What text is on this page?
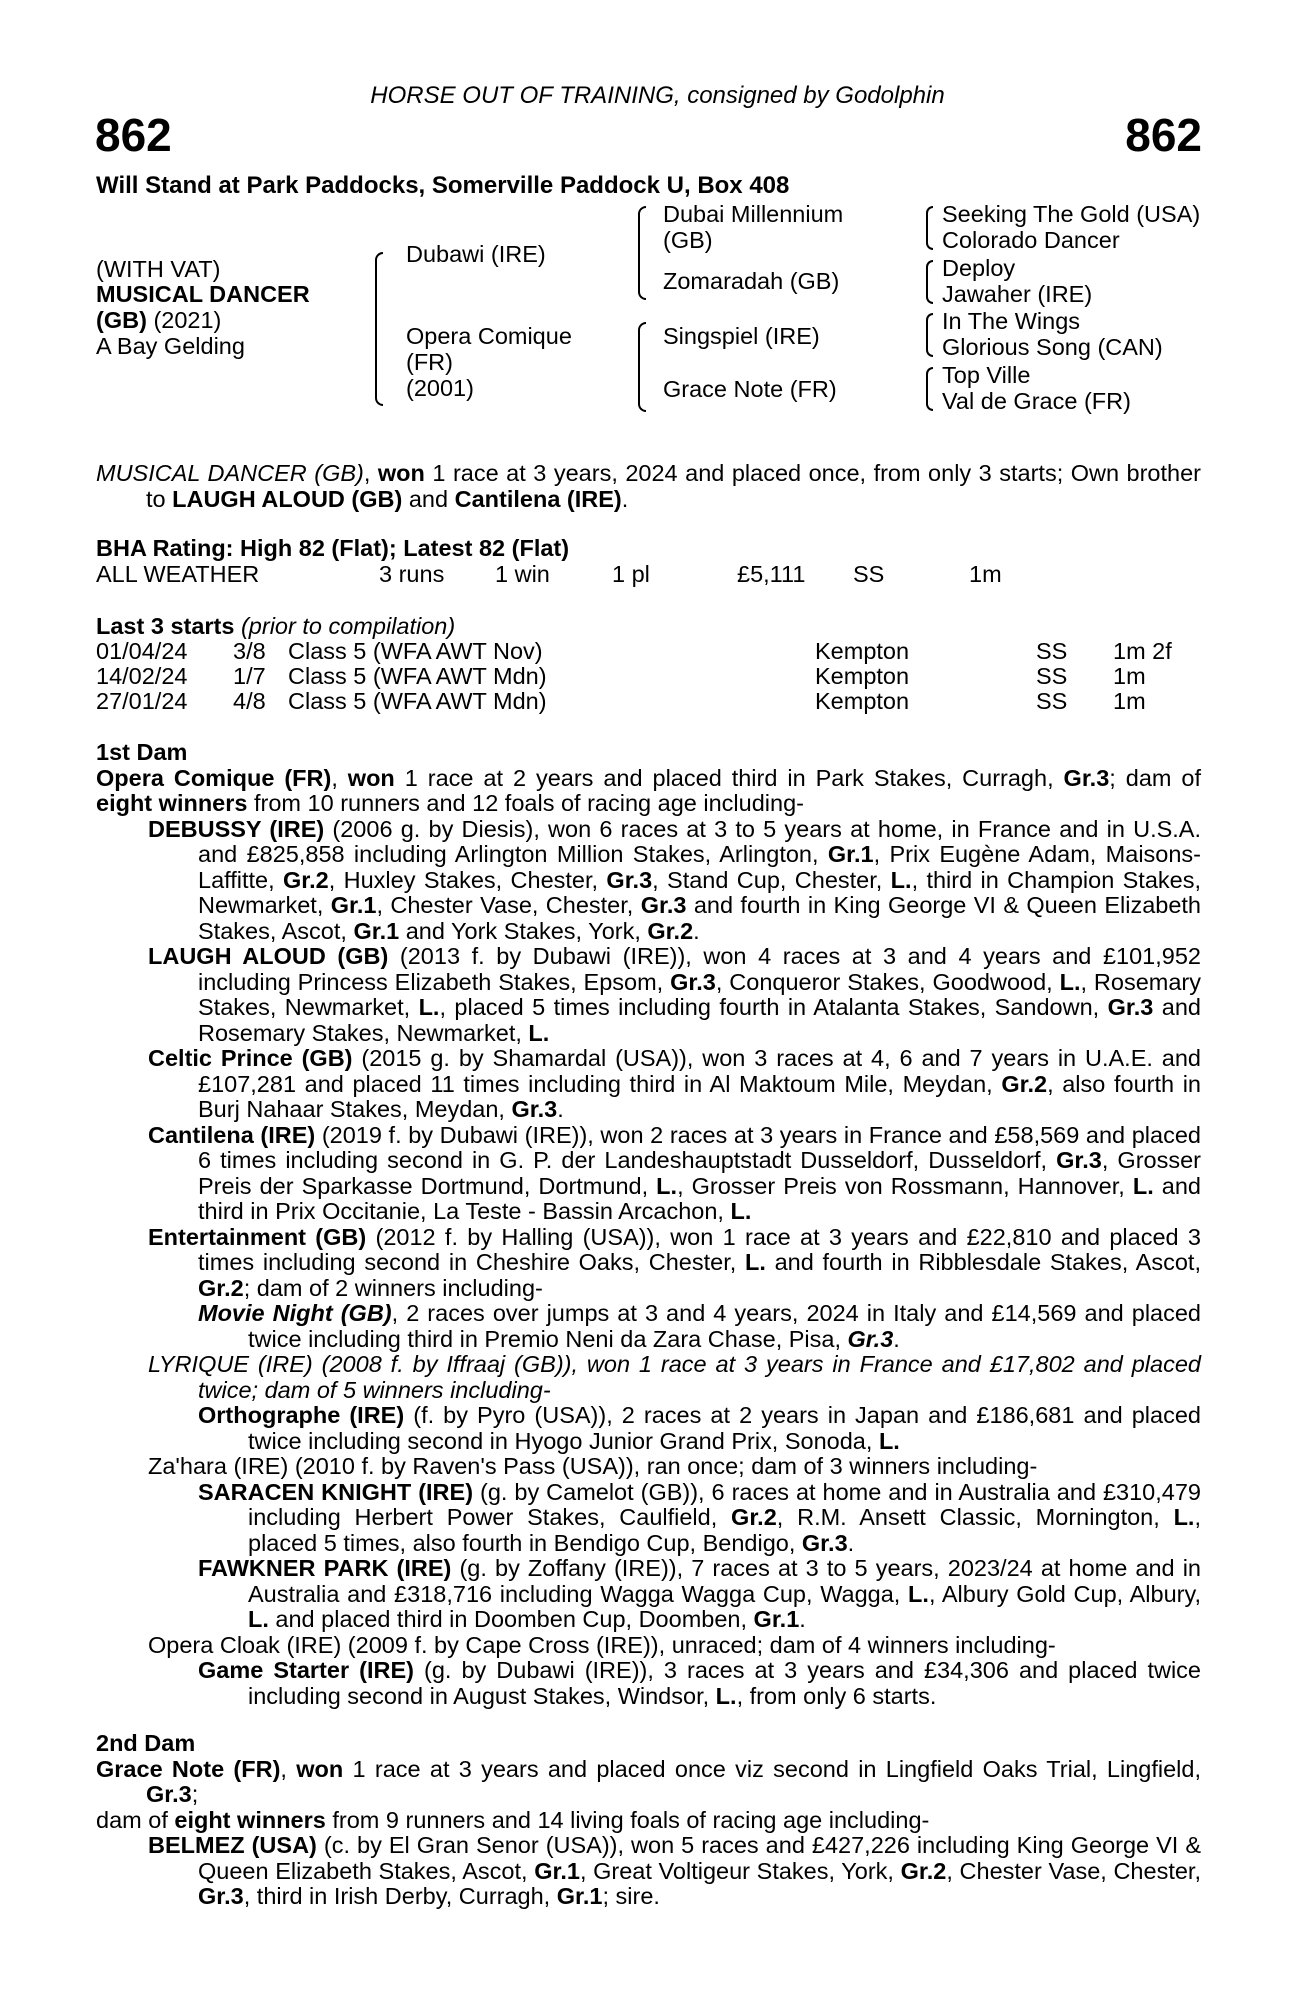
HORSE OUT OF TRAINING, consigned by Godolphin
862	862
Will Stand at Park Paddocks, Somerville Paddock U, Box 408
(WITH VAT)
MUSICAL DANCER
(GB) (2021)
A Bay Gelding
Dubawi (IRE)
Opera Comique
(FR)
(2001)
Dubai Millennium
(GB)
Zomaradah (GB)
Singspiel (IRE)
Grace Note (FR)
Seeking The Gold (USA)
Colorado Dancer
Deploy
Jawaher (IRE)
In The Wings
Glorious Song (CAN)
Top Ville
Val de Grace (FR)
MUSICAL DANCER (GB), won 1 race at 3 years, 2024 and placed once, from only 3 starts; Own brother to LAUGH ALOUD (GB) and Cantilena (IRE).
BHA Rating: High 82 (Flat); Latest 82 (Flat)
ALL WEATHER	3 runs 1 win	1 pl	£5,111 SS	1m
Last 3 starts (prior to compilation)
01/04/24 3/8 Class 5 (WFA AWT Nov)	Kempton	SS 1m 2f
14/02/24 1/7 Class 5 (WFA AWT Mdn)	Kempton	SS 1m
27/01/24 4/8 Class 5 (WFA AWT Mdn)	Kempton	SS 1m
1st Dam
Opera Comique (FR), won 1 race at 2 years and placed third in Park Stakes, Curragh, Gr.3; dam of eight winners from 10 runners and 12 foals of racing age including-
DEBUSSY (IRE) (2006 g. by Diesis), won 6 races at 3 to 5 years at home, in France and in U.S.A. and £825,858 including Arlington Million Stakes, Arlington, Gr.1, Prix Eugène Adam, Maisons-Laffitte, Gr.2, Huxley Stakes, Chester, Gr.3, Stand Cup, Chester, L., third in Champion Stakes, Newmarket, Gr.1, Chester Vase, Chester, Gr.3 and fourth in King George VI & Queen Elizabeth Stakes, Ascot, Gr.1 and York Stakes, York, Gr.2.
LAUGH ALOUD (GB) (2013 f. by Dubawi (IRE)), won 4 races at 3 and 4 years and £101,952 including Princess Elizabeth Stakes, Epsom, Gr.3, Conqueror Stakes, Goodwood, L., Rosemary Stakes, Newmarket, L., placed 5 times including fourth in Atalanta Stakes, Sandown, Gr.3 and Rosemary Stakes, Newmarket, L.
Celtic Prince (GB) (2015 g. by Shamardal (USA)), won 3 races at 4, 6 and 7 years in U.A.E. and £107,281 and placed 11 times including third in Al Maktoum Mile, Meydan, Gr.2, also fourth in Burj Nahaar Stakes, Meydan, Gr.3.
Cantilena (IRE) (2019 f. by Dubawi (IRE)), won 2 races at 3 years in France and £58,569 and placed 6 times including second in G. P. der Landeshauptstadt Dusseldorf, Dusseldorf, Gr.3, Grosser Preis der Sparkasse Dortmund, Dortmund, L., Grosser Preis von Rossmann, Hannover, L. and third in Prix Occitanie, La Teste - Bassin Arcachon, L.
Entertainment (GB) (2012 f. by Halling (USA)), won 1 race at 3 years and £22,810 and placed 3 times including second in Cheshire Oaks, Chester, L. and fourth in Ribblesdale Stakes, Ascot, Gr.2; dam of 2 winners including-
Movie Night (GB), 2 races over jumps at 3 and 4 years, 2024 in Italy and £14,569 and placed twice including third in Premio Neni da Zara Chase, Pisa, Gr.3.
LYRIQUE (IRE) (2008 f. by Iffraaj (GB)), won 1 race at 3 years in France and £17,802 and placed twice; dam of 5 winners including-
Orthographe (IRE) (f. by Pyro (USA)), 2 races at 2 years in Japan and £186,681 and placed twice including second in Hyogo Junior Grand Prix, Sonoda, L.
Za'hara (IRE) (2010 f. by Raven's Pass (USA)), ran once; dam of 3 winners including-
SARACEN KNIGHT (IRE) (g. by Camelot (GB)), 6 races at home and in Australia and £310,479 including Herbert Power Stakes, Caulfield, Gr.2, R.M. Ansett Classic, Mornington, L., placed 5 times, also fourth in Bendigo Cup, Bendigo, Gr.3.
FAWKNER PARK (IRE) (g. by Zoffany (IRE)), 7 races at 3 to 5 years, 2023/24 at home and in Australia and £318,716 including Wagga Wagga Cup, Wagga, L., Albury Gold Cup, Albury, L. and placed third in Doomben Cup, Doomben, Gr.1.
Opera Cloak (IRE) (2009 f. by Cape Cross (IRE)), unraced; dam of 4 winners including-
Game Starter (IRE) (g. by Dubawi (IRE)), 3 races at 3 years and £34,306 and placed twice including second in August Stakes, Windsor, L., from only 6 starts.
2nd Dam
Grace Note (FR), won 1 race at 3 years and placed once viz second in Lingfield Oaks Trial, Lingfield, Gr.3;
dam of eight winners from 9 runners and 14 living foals of racing age including-
BELMEZ (USA) (c. by El Gran Senor (USA)), won 5 races and £427,226 including King George VI & Queen Elizabeth Stakes, Ascot, Gr.1, Great Voltigeur Stakes, York, Gr.2, Chester Vase, Chester, Gr.3, third in Irish Derby, Curragh, Gr.1; sire.
